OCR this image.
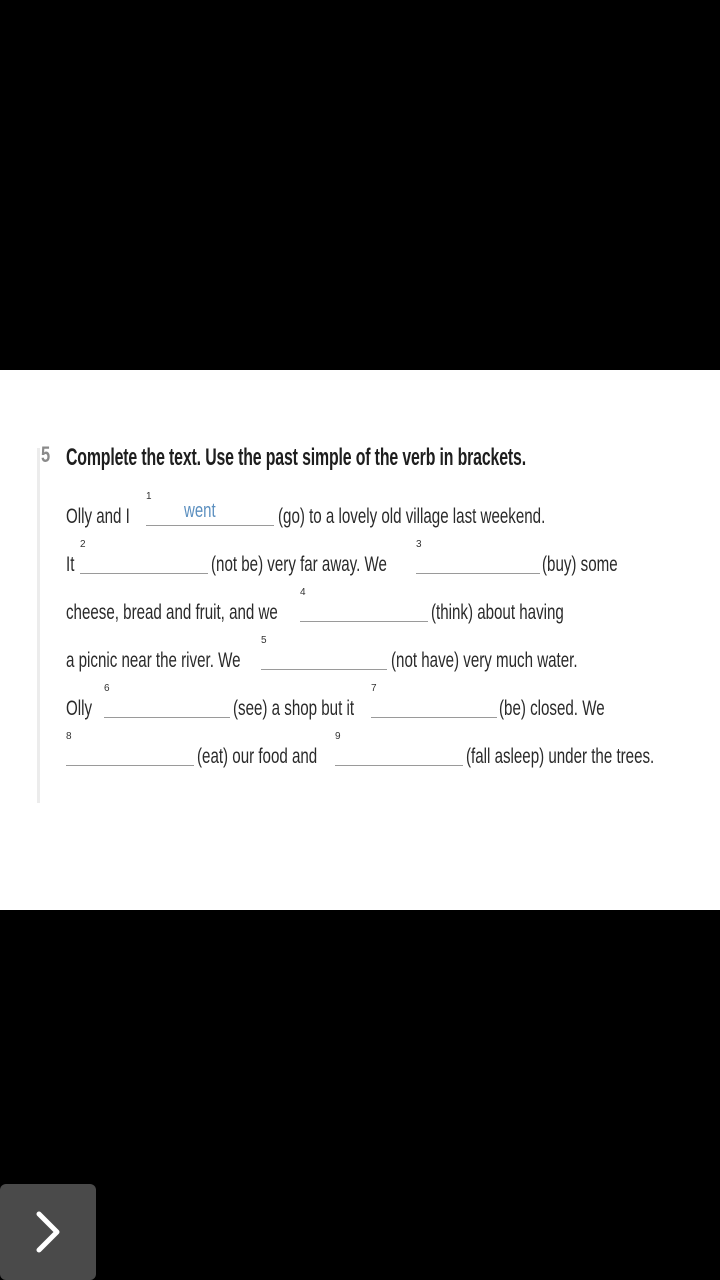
5 Complete the text. Use the past simple of the verb in brackets.
Olly and I
1
went	(go) to a lovely old village last weekend.
It
2
(not be) very far away. We
3
(buy) some
cheese, bread and fruit, and we
4
(think) about having
a picnic near the river. We
5
(not have) very much water.
Olly
6
(see) a shop but it
7
(be) closed. We
8
(eat) our food and
9
(fall asleep) under the trees.
